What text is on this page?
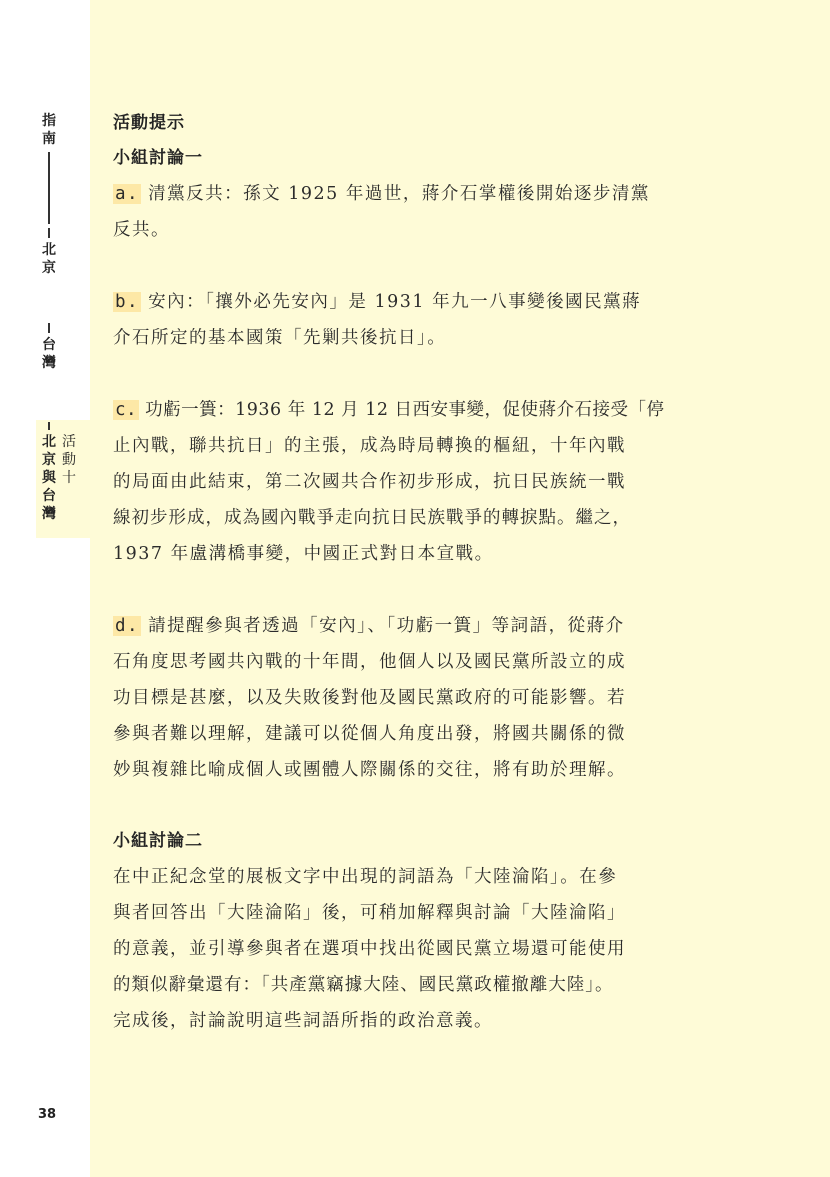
指
南
北
京
台
灣
北
京
與
台
灣
活
動
十
38
活動提示
小組討論一
a. 清黨反共：孫文 1925 年過世，蔣介石掌權後開始逐步清黨
反共。
b. 安內：「攘外必先安內」是 1931 年九一八事變後國民黨蔣
介石所定的基本國策「先剿共後抗日」。
c. 功虧一簣：1936 年 12 月 12 日西安事變，促使蔣介石接受「停
止內戰，聯共抗日」的主張，成為時局轉換的樞紐，十年內戰
的局面由此結束，第二次國共合作初步形成，抗日民族統一戰
線初步形成，成為國內戰爭走向抗日民族戰爭的轉捩點。繼之，
1937 年盧溝橋事變，中國正式對日本宣戰。
d. 請提醒參與者透過「安內」、「功虧一簣」等詞語，從蔣介
石角度思考國共內戰的十年間，他個人以及國民黨所設立的成
功目標是甚麼，以及失敗後對他及國民黨政府的可能影響。若
參與者難以理解，建議可以從個人角度出發，將國共關係的微
妙與複雜比喻成個人或團體人際關係的交往，將有助於理解。
小組討論二
在中正紀念堂的展板文字中出現的詞語為「大陸淪陷」。在參
與者回答出「大陸淪陷」後，可稍加解釋與討論「大陸淪陷」
的意義，並引導參與者在選項中找出從國民黨立場還可能使用
的類似辭彙還有：「共產黨竊據大陸、國民黨政權撤離大陸」。
完成後，討論說明這些詞語所指的政治意義。
